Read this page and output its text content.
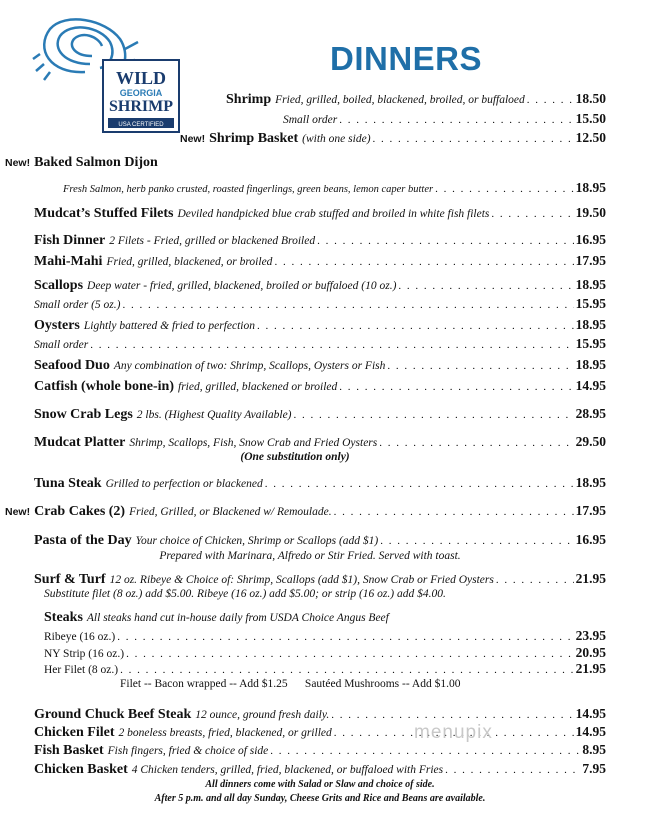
WILD
GEORGIA
SHRIMP
USA CERTIFIED
DINNERS
Shrimp Fried, grilled, boiled, blackened, broiled, or buffaloed . . .	18.50
Small order . . .	15.50
New! Shrimp Basket (with one side) . . .	12.50
New! Baked Salmon Dijon
Fresh Salmon, herb panko crusted, roasted fingerlings, green beans, lemon caper butter . . .	18.95
Mudcat’s Stuffed Filets Deviled handpicked blue crab stuffed and broiled in white fish filets . . .	19.50
Fish Dinner 2 Filets - Fried, grilled or blackened Broiled . . .	16.95
Mahi-Mahi Fried, grilled, blackened, or broiled . . .	17.95
Scallops Deep water - fried, grilled, blackened, broiled or buffaloed (10 oz.) . . .	18.95
Small order (5 oz.) . . .	15.95
Oysters Lightly battered & fried to perfection . . .	18.95
Small order . . .	15.95
Seafood Duo Any combination of two: Shrimp, Scallops, Oysters or Fish . . .	18.95
Catfish (whole bone-in) fried, grilled, blackened or broiled . . .	14.95
Snow Crab Legs 2 lbs. (Highest Quality Available) . . .	28.95
Mudcat Platter Shrimp, Scallops, Fish, Snow Crab and Fried Oysters . . .	29.50
(One substitution only)
Tuna Steak Grilled to perfection or blackened . . .	18.95
New! Crab Cakes (2) Fried, Grilled, or Blackened w/ Remoulade. . . .	17.95
Pasta of the Day Your choice of Chicken, Shrimp or Scallops (add $1) . . .	16.95
Prepared with Marinara, Alfredo or Stir Fried. Served with toast.
Surf & Turf 12 oz. Ribeye & Choice of: Shrimp, Scallops (add $1), Snow Crab or Fried Oysters . . .	21.95
Substitute filet (8 oz.) add $5.00. Ribeye (16 oz.) add $5.00; or strip (16 oz.) add $4.00.
Steaks All steaks hand cut in-house daily from USDA Choice Angus Beef
Ribeye (16 oz.) . . .	23.95
NY Strip (16 oz.) . . .	20.95
Her Filet (8 oz.) . . .	21.95
Filet -- Bacon wrapped -- Add $1.25      Sautéed Mushrooms -- Add $1.00
Ground Chuck Beef Steak 12 ounce, ground fresh daily. . . .	14.95
Chicken Filet 2 boneless breasts, fried, blackened, or grilled . . .	14.95
Fish Basket Fish fingers, fried & choice of side . . .	8.95
Chicken Basket 4 Chicken tenders, grilled, fried, blackened, or buffaloed with Fries . . .	7.95
All dinners come with Salad or Slaw and choice of side.
After 5 p.m. and all day Sunday, Cheese Grits and Rice and Beans are available.
menupix
